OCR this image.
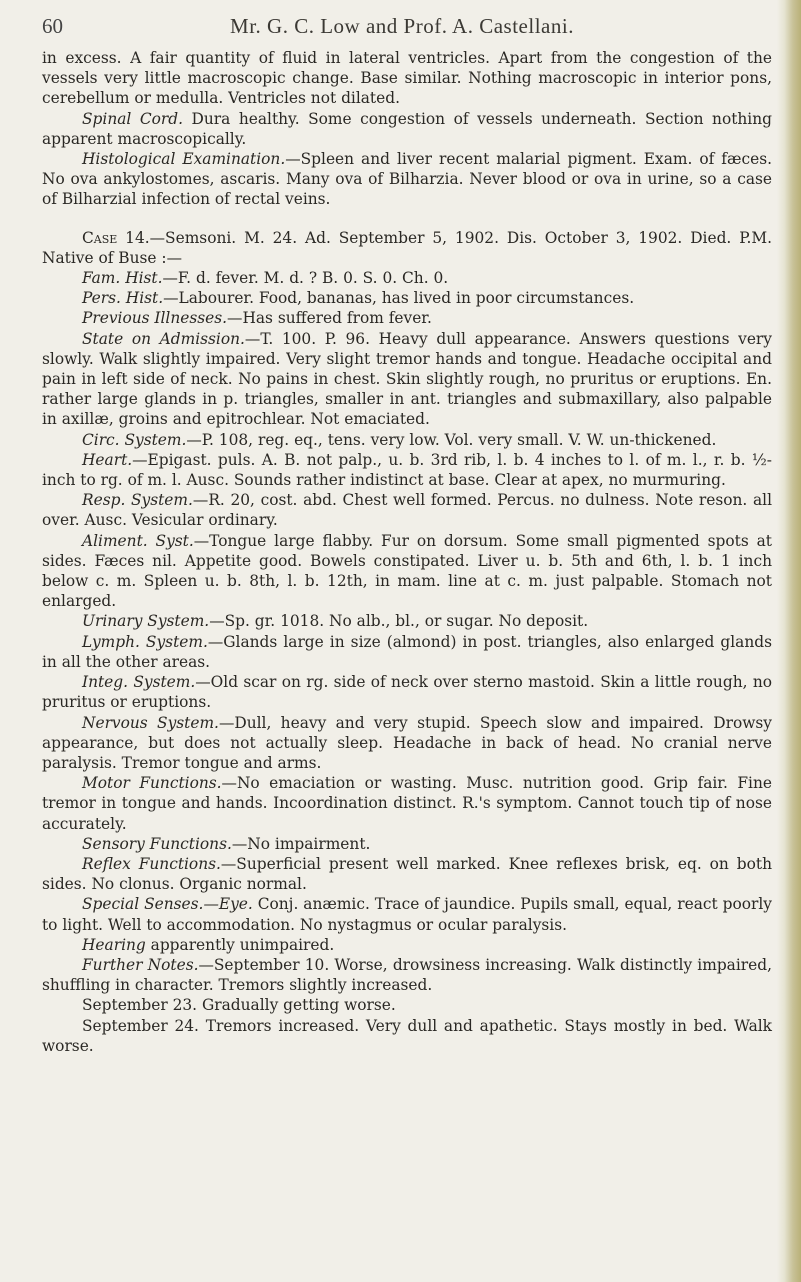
60	Mr. G. C. Low and Prof. A. Castellani.

in excess. A fair quantity of fluid in lateral ventricles. Apart from the congestion of the vessels very little macroscopic change. Base similar. Nothing macroscopic in interior pons, cerebellum or medulla. Ventricles not dilated.

Spinal Cord. Dura healthy. Some congestion of vessels underneath. Section nothing apparent macroscopically.

Histological Examination.—Spleen and liver recent malarial pigment. Exam. of fæces. No ova ankylostomes, ascaris. Many ova of Bilharzia. Never blood or ova in urine, so a case of Bilharzial infection of rectal veins.

Case 14.—Semsoni. M. 24. Ad. September 5, 1902. Dis. October 3, 1902. Died. P.M. Native of Buse :—

Fam. Hist.—F. d. fever. M. d. ? B. 0. S. 0. Ch. 0.

Pers. Hist.—Labourer. Food, bananas, has lived in poor circumstances.

Previous Illnesses.—Has suffered from fever.

State on Admission.—T. 100. P. 96. Heavy dull appearance. Answers questions very slowly. Walk slightly impaired. Very slight tremor hands and tongue. Headache occipital and pain in left side of neck. No pains in chest. Skin slightly rough, no pruritus or eruptions. En. rather large glands in p. triangles, smaller in ant. triangles and submaxillary, also palpable in axillæ, groins and epitrochlear. Not emaciated.

Circ. System.—P. 108, reg. eq., tens. very low. Vol. very small. V. W. un-thickened.

Heart.—Epigast. puls. A. B. not palp., u. b. 3rd rib, l. b. 4 inches to l. of m. l., r. b. ½-inch to rg. of m. l. Ausc. Sounds rather indistinct at base. Clear at apex, no murmuring.

Resp. System.—R. 20, cost. abd. Chest well formed. Percus. no dulness. Note reson. all over. Ausc. Vesicular ordinary.

Aliment. Syst.—Tongue large flabby. Fur on dorsum. Some small pigmented spots at sides. Fæces nil. Appetite good. Bowels constipated. Liver u. b. 5th and 6th, l. b. 1 inch below c. m. Spleen u. b. 8th, l. b. 12th, in mam. line at c. m. just palpable. Stomach not enlarged.

Urinary System.—Sp. gr. 1018. No alb., bl., or sugar. No deposit.

Lymph. System.—Glands large in size (almond) in post. triangles, also enlarged glands in all the other areas.

Integ. System.—Old scar on rg. side of neck over sterno mastoid. Skin a little rough, no pruritus or eruptions.

Nervous System.—Dull, heavy and very stupid. Speech slow and impaired. Drowsy appearance, but does not actually sleep. Headache in back of head. No cranial nerve paralysis. Tremor tongue and arms.

Motor Functions.—No emaciation or wasting. Musc. nutrition good. Grip fair. Fine tremor in tongue and hands. Incoordination distinct. R.'s symptom. Cannot touch tip of nose accurately.

Sensory Functions.—No impairment.

Reflex Functions.—Superficial present well marked. Knee reflexes brisk, eq. on both sides. No clonus. Organic normal.

Special Senses.—Eye. Conj. anæmic. Trace of jaundice. Pupils small, equal, react poorly to light. Well to accommodation. No nystagmus or ocular paralysis.

Hearing apparently unimpaired.

Further Notes.—September 10. Worse, drowsiness increasing. Walk distinctly impaired, shuffling in character. Tremors slightly increased.

September 23. Gradually getting worse.

September 24. Tremors increased. Very dull and apathetic. Stays mostly in bed. Walk worse.
